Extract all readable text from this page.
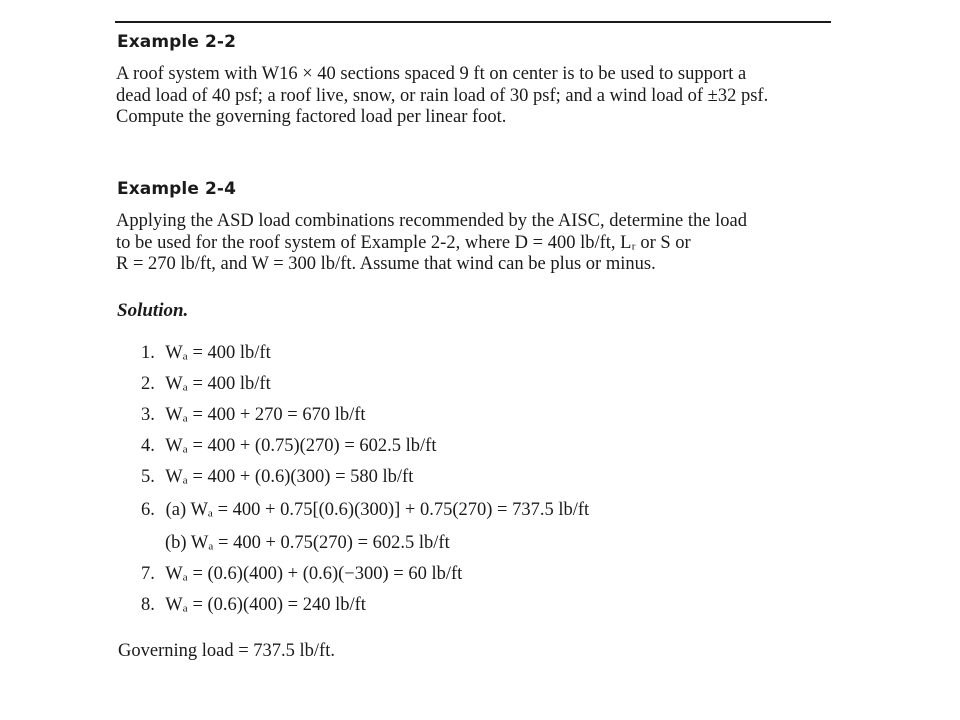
Example 2-2
A roof system with W16 × 40 sections spaced 9 ft on center is to be used to support a
dead load of 40 psf; a roof live, snow, or rain load of 30 psf; and a wind load of ±32 psf.
Compute the governing factored load per linear foot.
Example 2-4
Applying the ASD load combinations recommended by the AISC, determine the load
to be used for the roof system of Example 2-2, where D = 400 lb/ft, Lᵣ or S or
R = 270 lb/ft, and W = 300 lb/ft. Assume that wind can be plus or minus.
Solution.
1. Wₐ = 400 lb/ft
2. Wₐ = 400 lb/ft
3. Wₐ = 400 + 270 = 670 lb/ft
4. Wₐ = 400 + (0.75)(270) = 602.5 lb/ft
5. Wₐ = 400 + (0.6)(300) = 580 lb/ft
6. (a) Wₐ = 400 + 0.75[(0.6)(300)] + 0.75(270) = 737.5 lb/ft
(b) Wₐ = 400 + 0.75(270) = 602.5 lb/ft
7. Wₐ = (0.6)(400) + (0.6)(−300) = 60 lb/ft
8. Wₐ = (0.6)(400) = 240 lb/ft
Governing load = 737.5 lb/ft.
